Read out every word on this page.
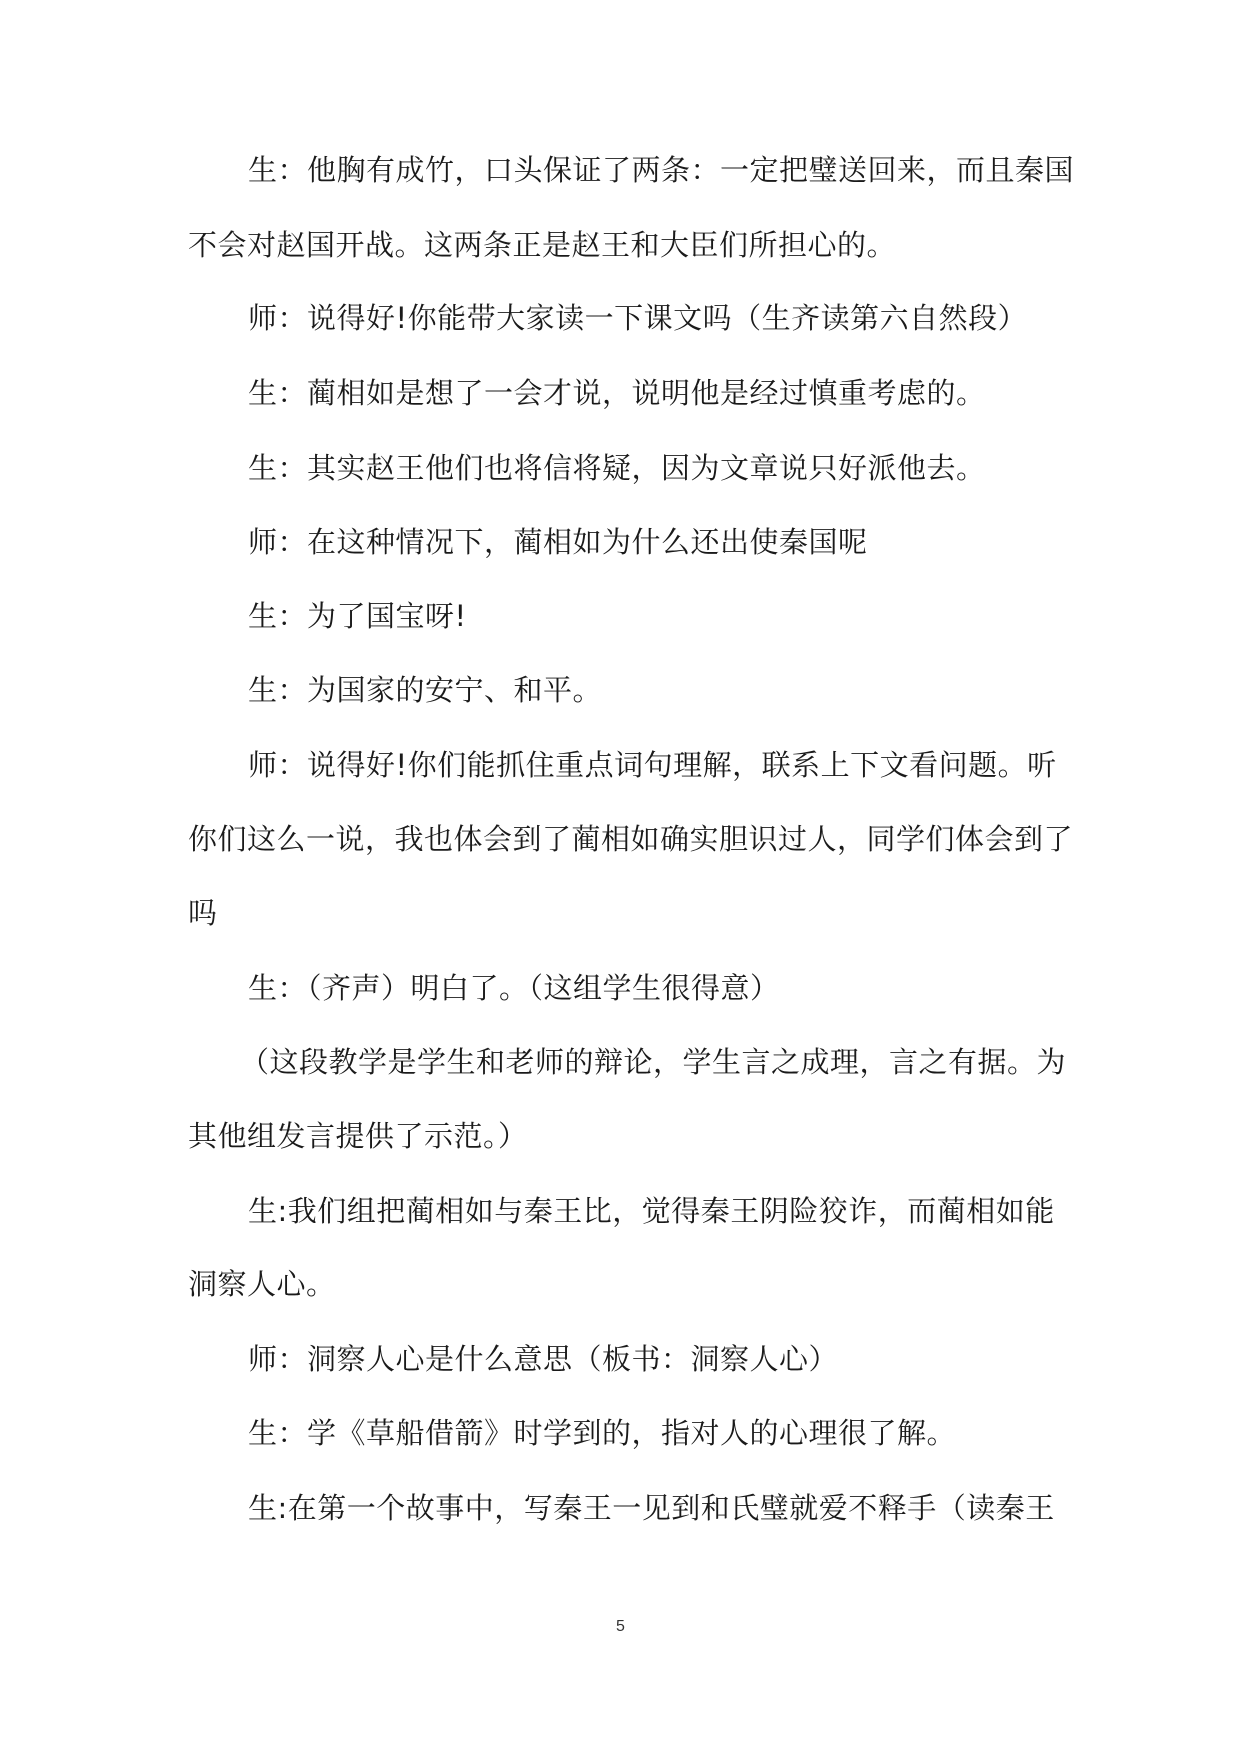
生：他胸有成竹，口头保证了两条：一定把璧送回来，而且秦国
不会对赵国开战。这两条正是赵王和大臣们所担心的。
师：说得好!你能带大家读一下课文吗（生齐读第六自然段）
生：蔺相如是想了一会才说，说明他是经过慎重考虑的。
生：其实赵王他们也将信将疑，因为文章说只好派他去。
师：在这种情况下，蔺相如为什么还出使秦国呢
生：为了国宝呀!
生：为国家的安宁、和平。
师：说得好!你们能抓住重点词句理解，联系上下文看问题。听
你们这么一说，我也体会到了蔺相如确实胆识过人，同学们体会到了
吗
生：（齐声）明白了。（这组学生很得意）
（这段教学是学生和老师的辩论，学生言之成理，言之有据。为
其他组发言提供了示范。）
生:我们组把蔺相如与秦王比，觉得秦王阴险狡诈，而蔺相如能
洞察人心。
师：洞察人心是什么意思（板书：洞察人心）
生：学《草船借箭》时学到的，指对人的心理很了解。
生:在第一个故事中，写秦王一见到和氏璧就爱不释手（读秦王
5
